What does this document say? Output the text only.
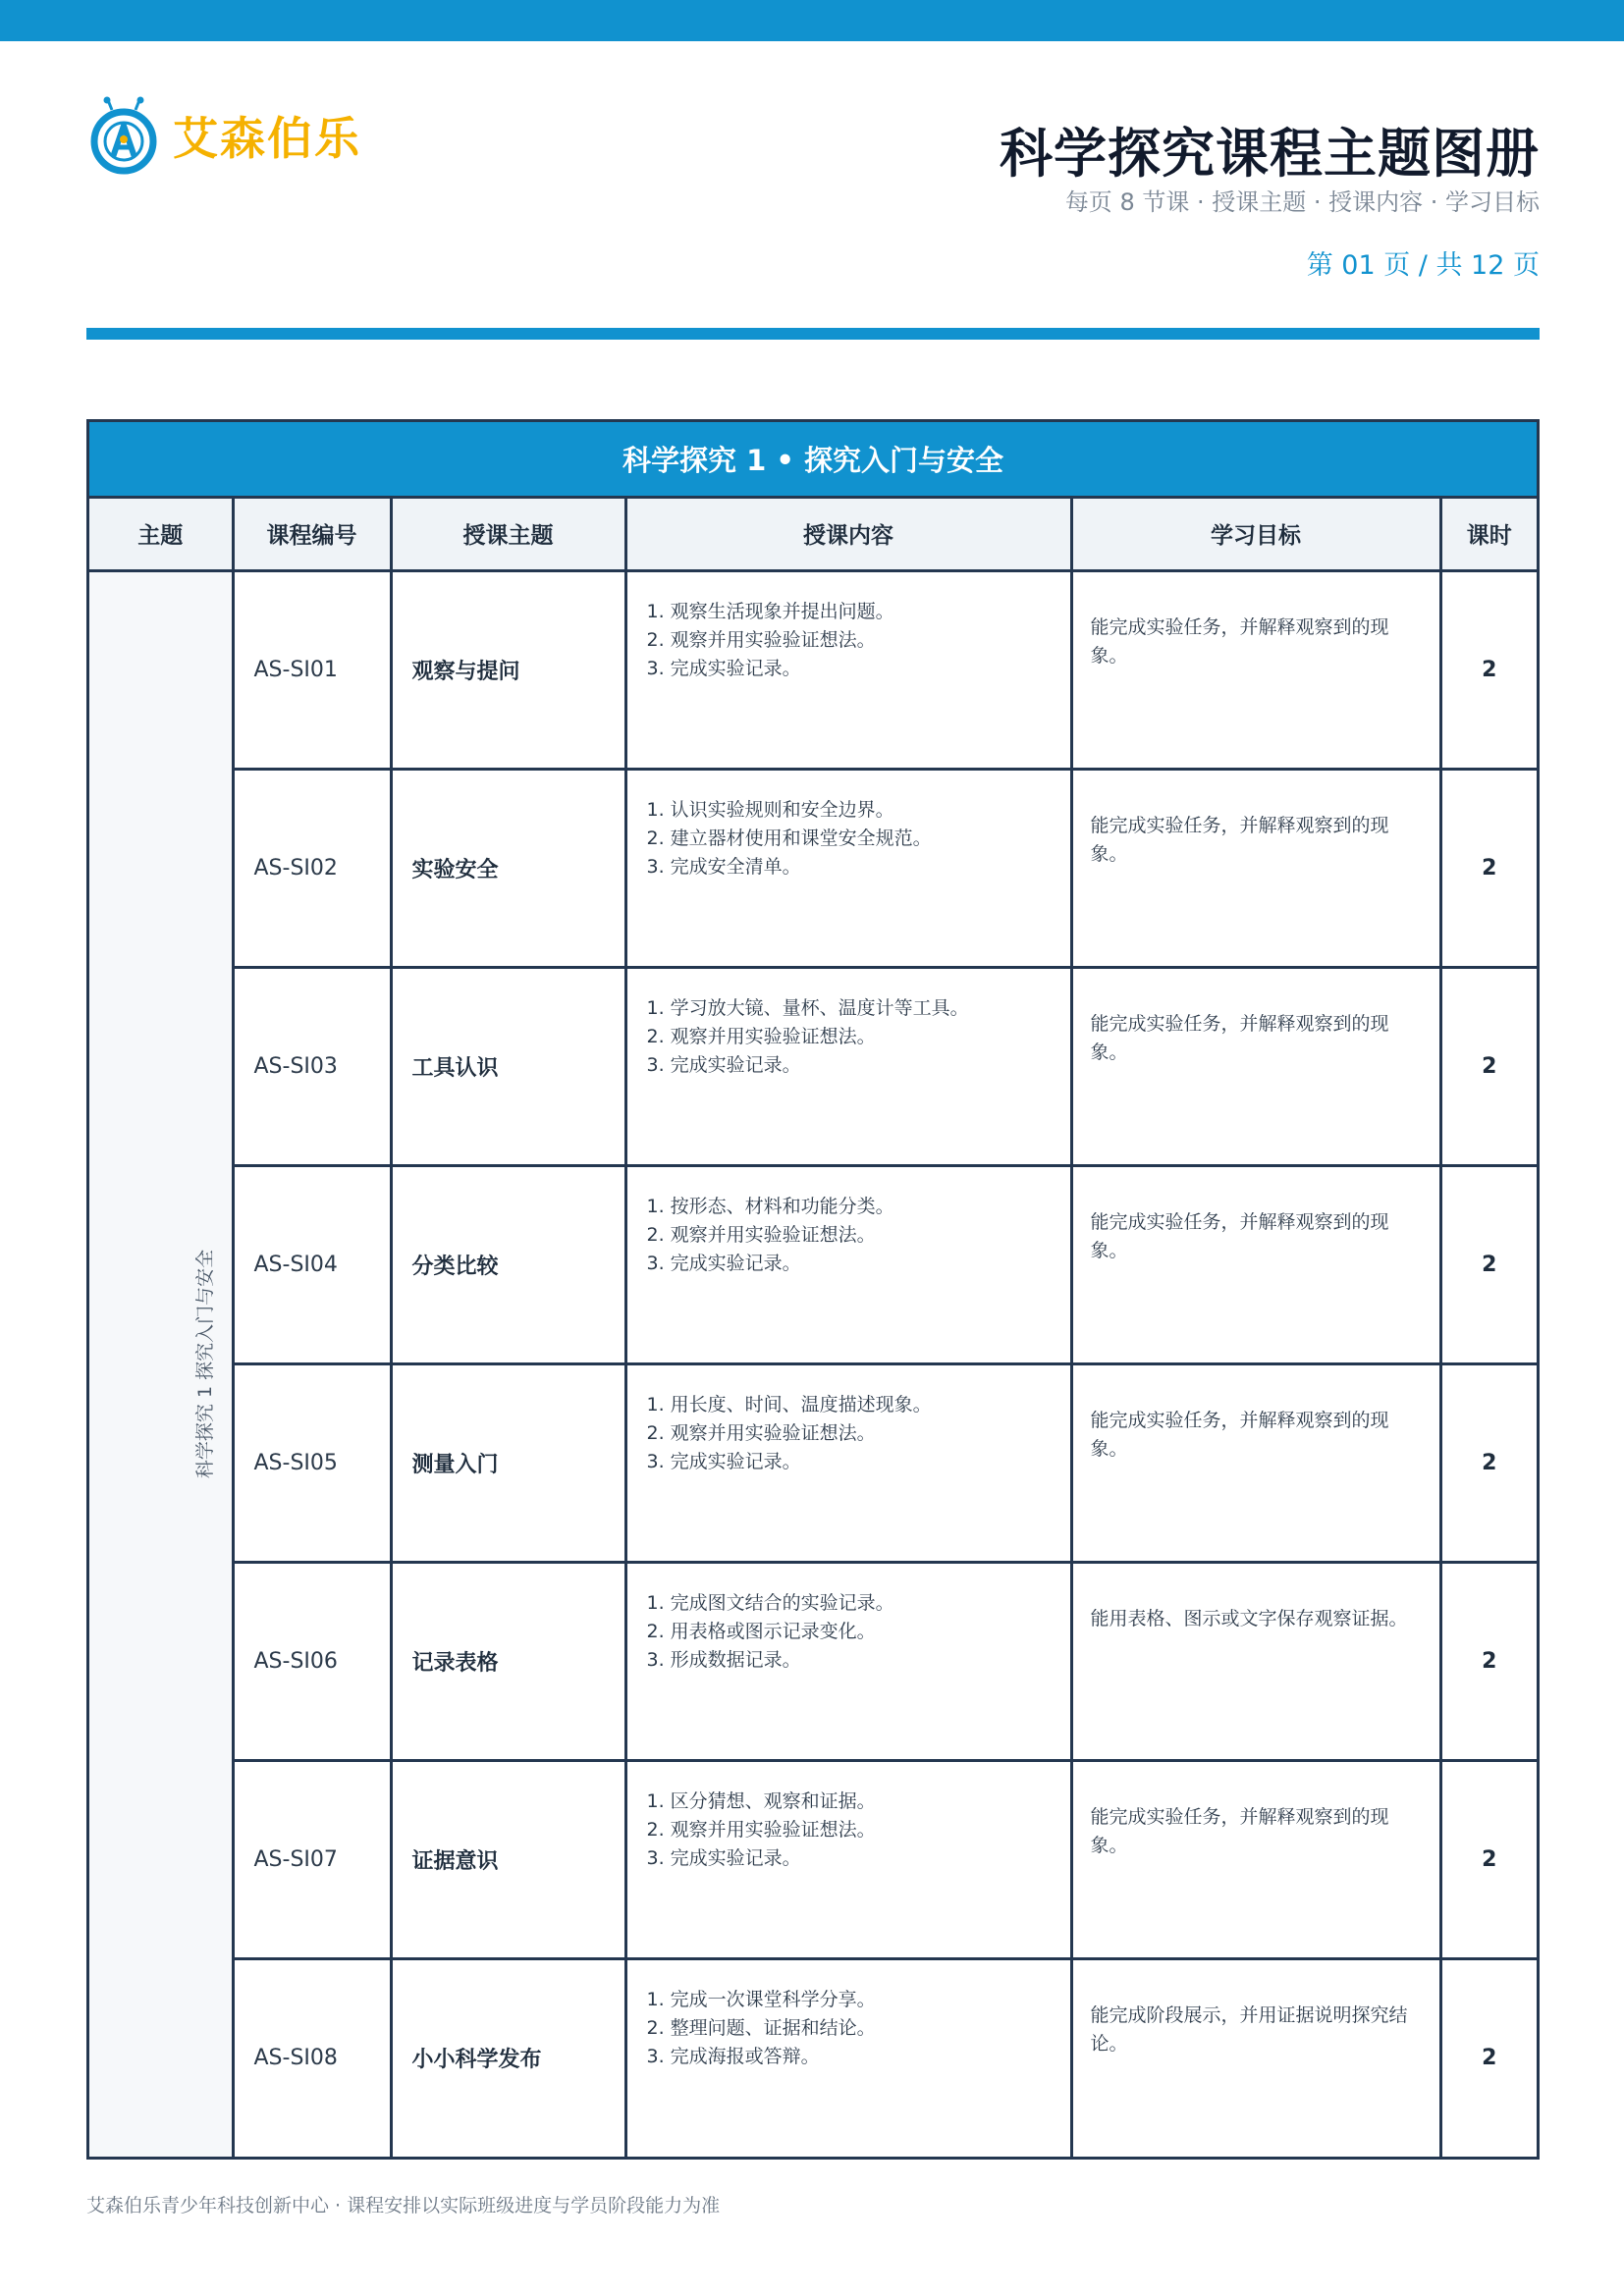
艾森伯乐	科学探究课程主题图册
每页 8 节课 · 授课主题 · 授课内容 · 学习目标
第 01 页 / 共 12 页
科学探究 1 • 探究入门与安全
主题	课程编号	授课主题	授课内容	学习目标	课时
科学探究 1 探究入门与安全	AS-SI01	观察与提问	1. 观察生活现象并提出问题。
2. 观察并用实验验证想法。
3. 完成实验记录。	能完成实验任务，并解释观察到的现象。	2
	AS-SI02	实验安全	1. 认识实验规则和安全边界。
2. 建立器材使用和课堂安全规范。
3. 完成安全清单。	能完成实验任务，并解释观察到的现象。	2
	AS-SI03	工具认识	1. 学习放大镜、量杯、温度计等工具。
2. 观察并用实验验证想法。
3. 完成实验记录。	能完成实验任务，并解释观察到的现象。	2
	AS-SI04	分类比较	1. 按形态、材料和功能分类。
2. 观察并用实验验证想法。
3. 完成实验记录。	能完成实验任务，并解释观察到的现象。	2
	AS-SI05	测量入门	1. 用长度、时间、温度描述现象。
2. 观察并用实验验证想法。
3. 完成实验记录。	能完成实验任务，并解释观察到的现象。	2
	AS-SI06	记录表格	1. 完成图文结合的实验记录。
2. 用表格或图示记录变化。
3. 形成数据记录。	能用表格、图示或文字保存观察证据。	2
	AS-SI07	证据意识	1. 区分猜想、观察和证据。
2. 观察并用实验验证想法。
3. 完成实验记录。	能完成实验任务，并解释观察到的现象。	2
	AS-SI08	小小科学发布	1. 完成一次课堂科学分享。
2. 整理问题、证据和结论。
3. 完成海报或答辩。	能完成阶段展示，并用证据说明探究结论。	2
艾森伯乐青少年科技创新中心 · 课程安排以实际班级进度与学员阶段能力为准
